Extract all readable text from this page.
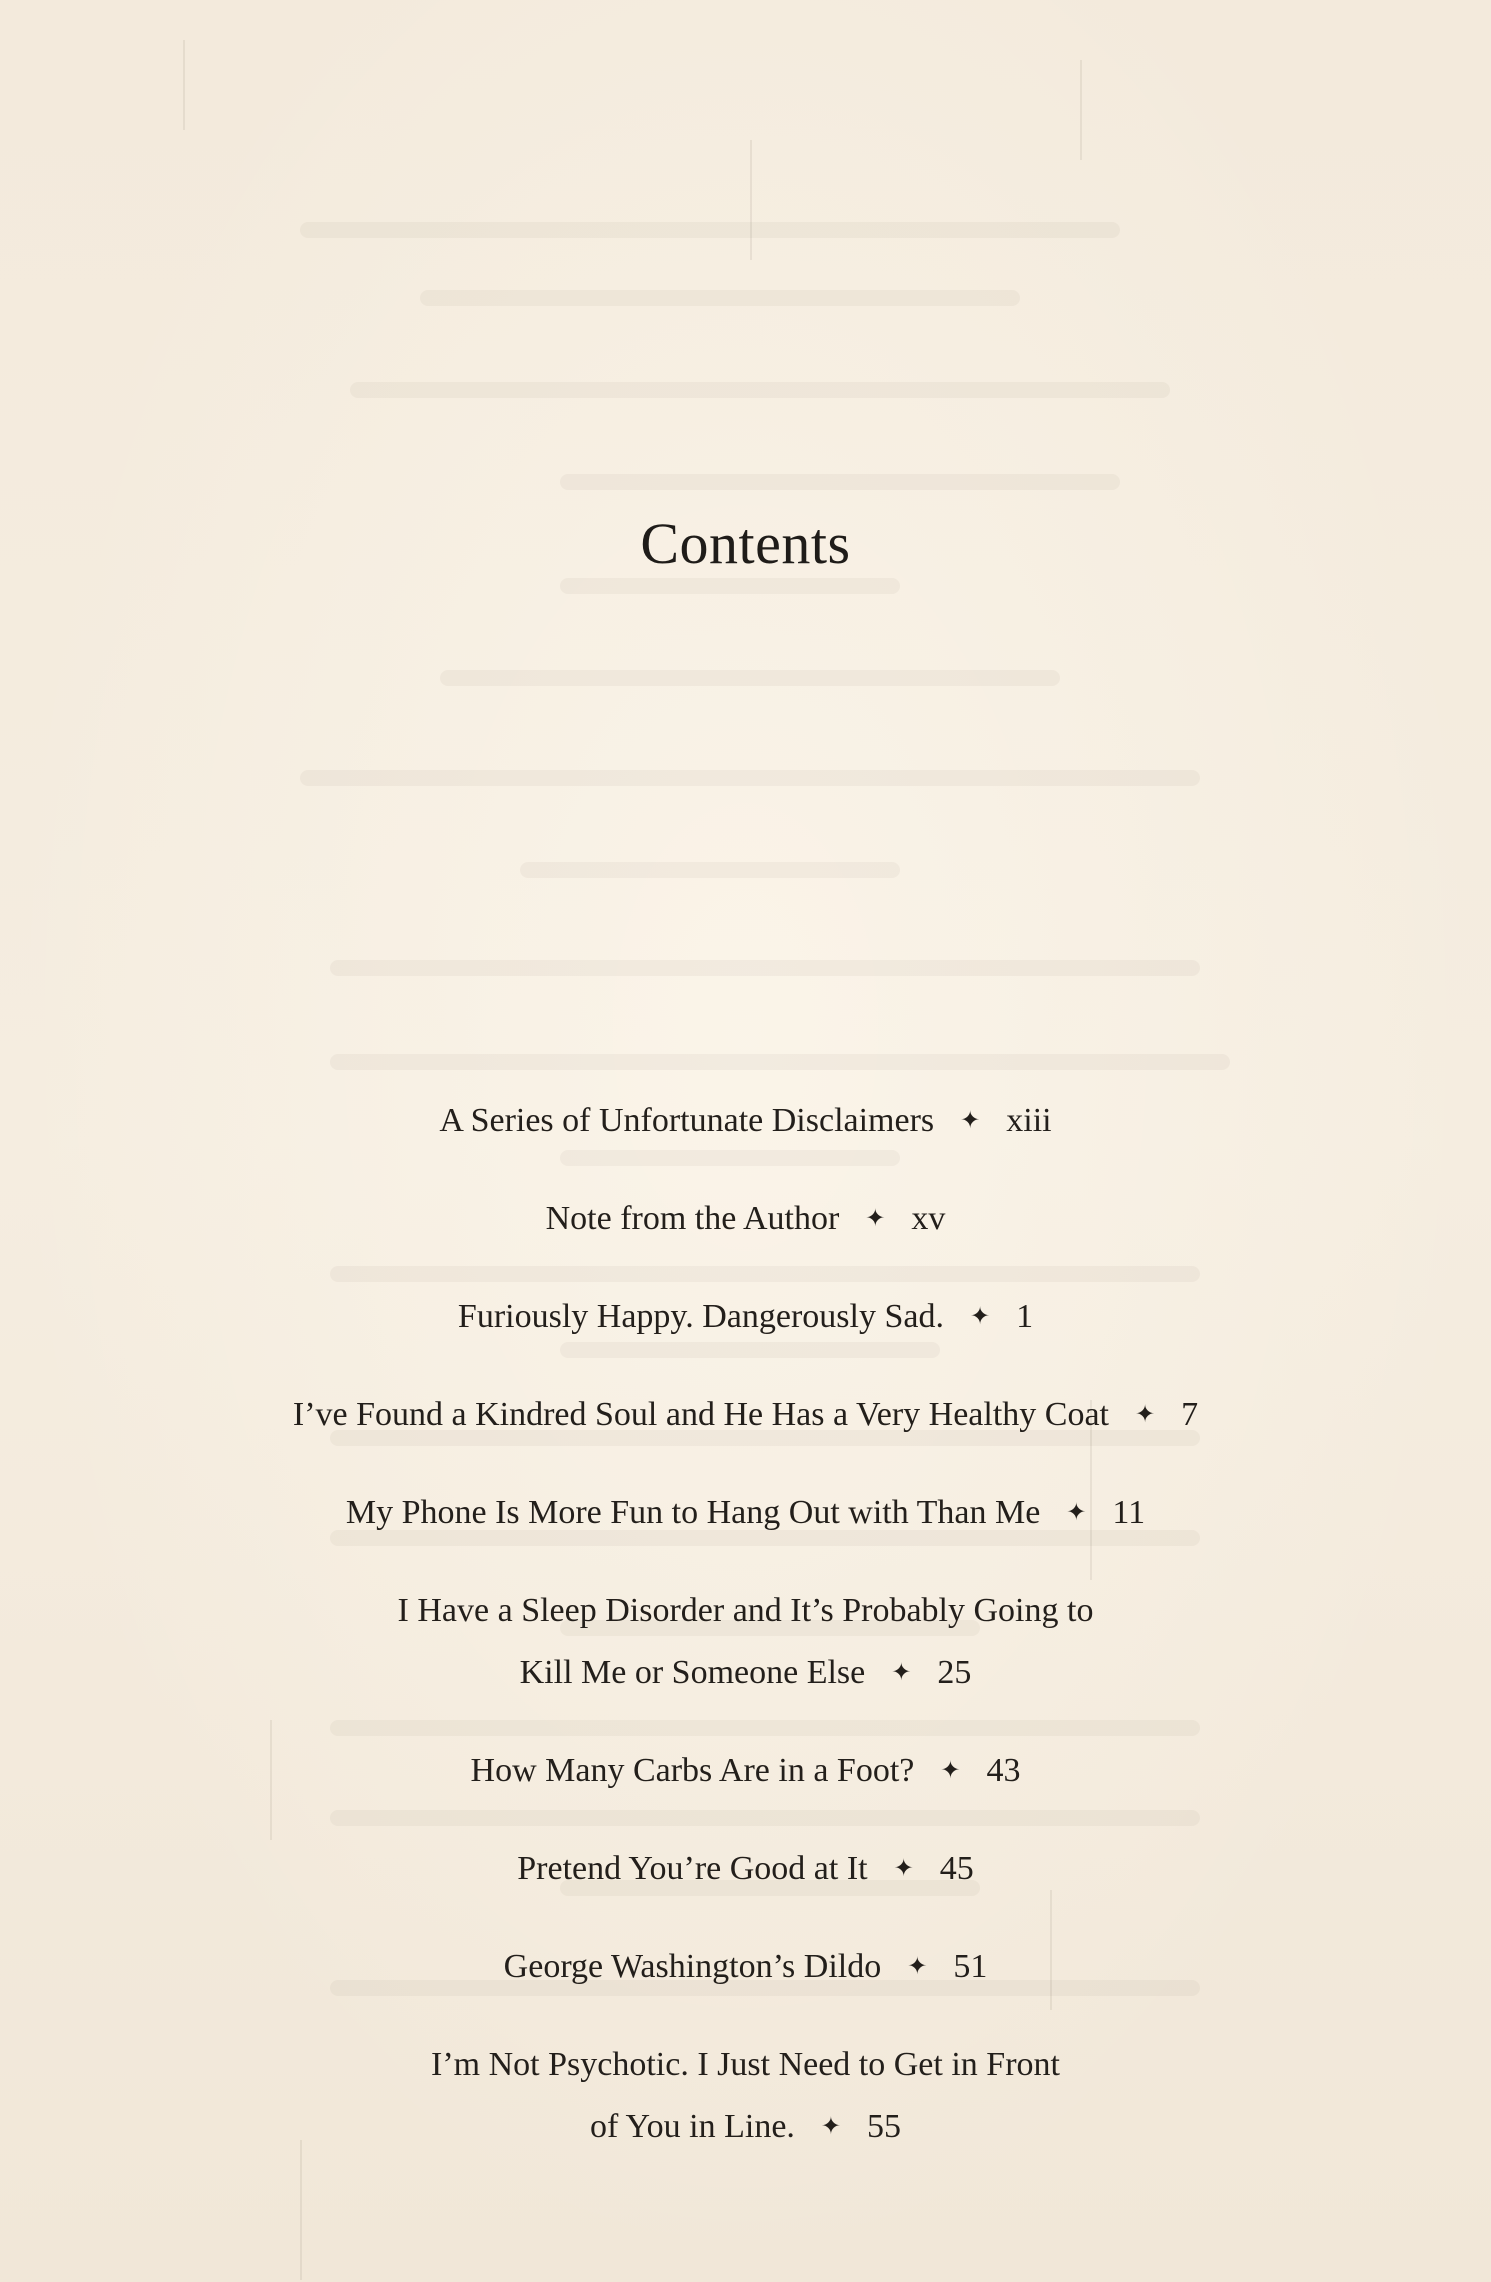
Contents
A Series of Unfortunate Disclaimers ✦ xiii
Note from the Author ✦ xv
Furiously Happy. Dangerously Sad. ✦ 1
I’ve Found a Kindred Soul and He Has a Very Healthy Coat ✦ 7
My Phone Is More Fun to Hang Out with Than Me ✦ 11
I Have a Sleep Disorder and It’s Probably Going to
Kill Me or Someone Else ✦ 25
How Many Carbs Are in a Foot? ✦ 43
Pretend You’re Good at It ✦ 45
George Washington’s Dildo ✦ 51
I’m Not Psychotic. I Just Need to Get in Front
of You in Line. ✦ 55
